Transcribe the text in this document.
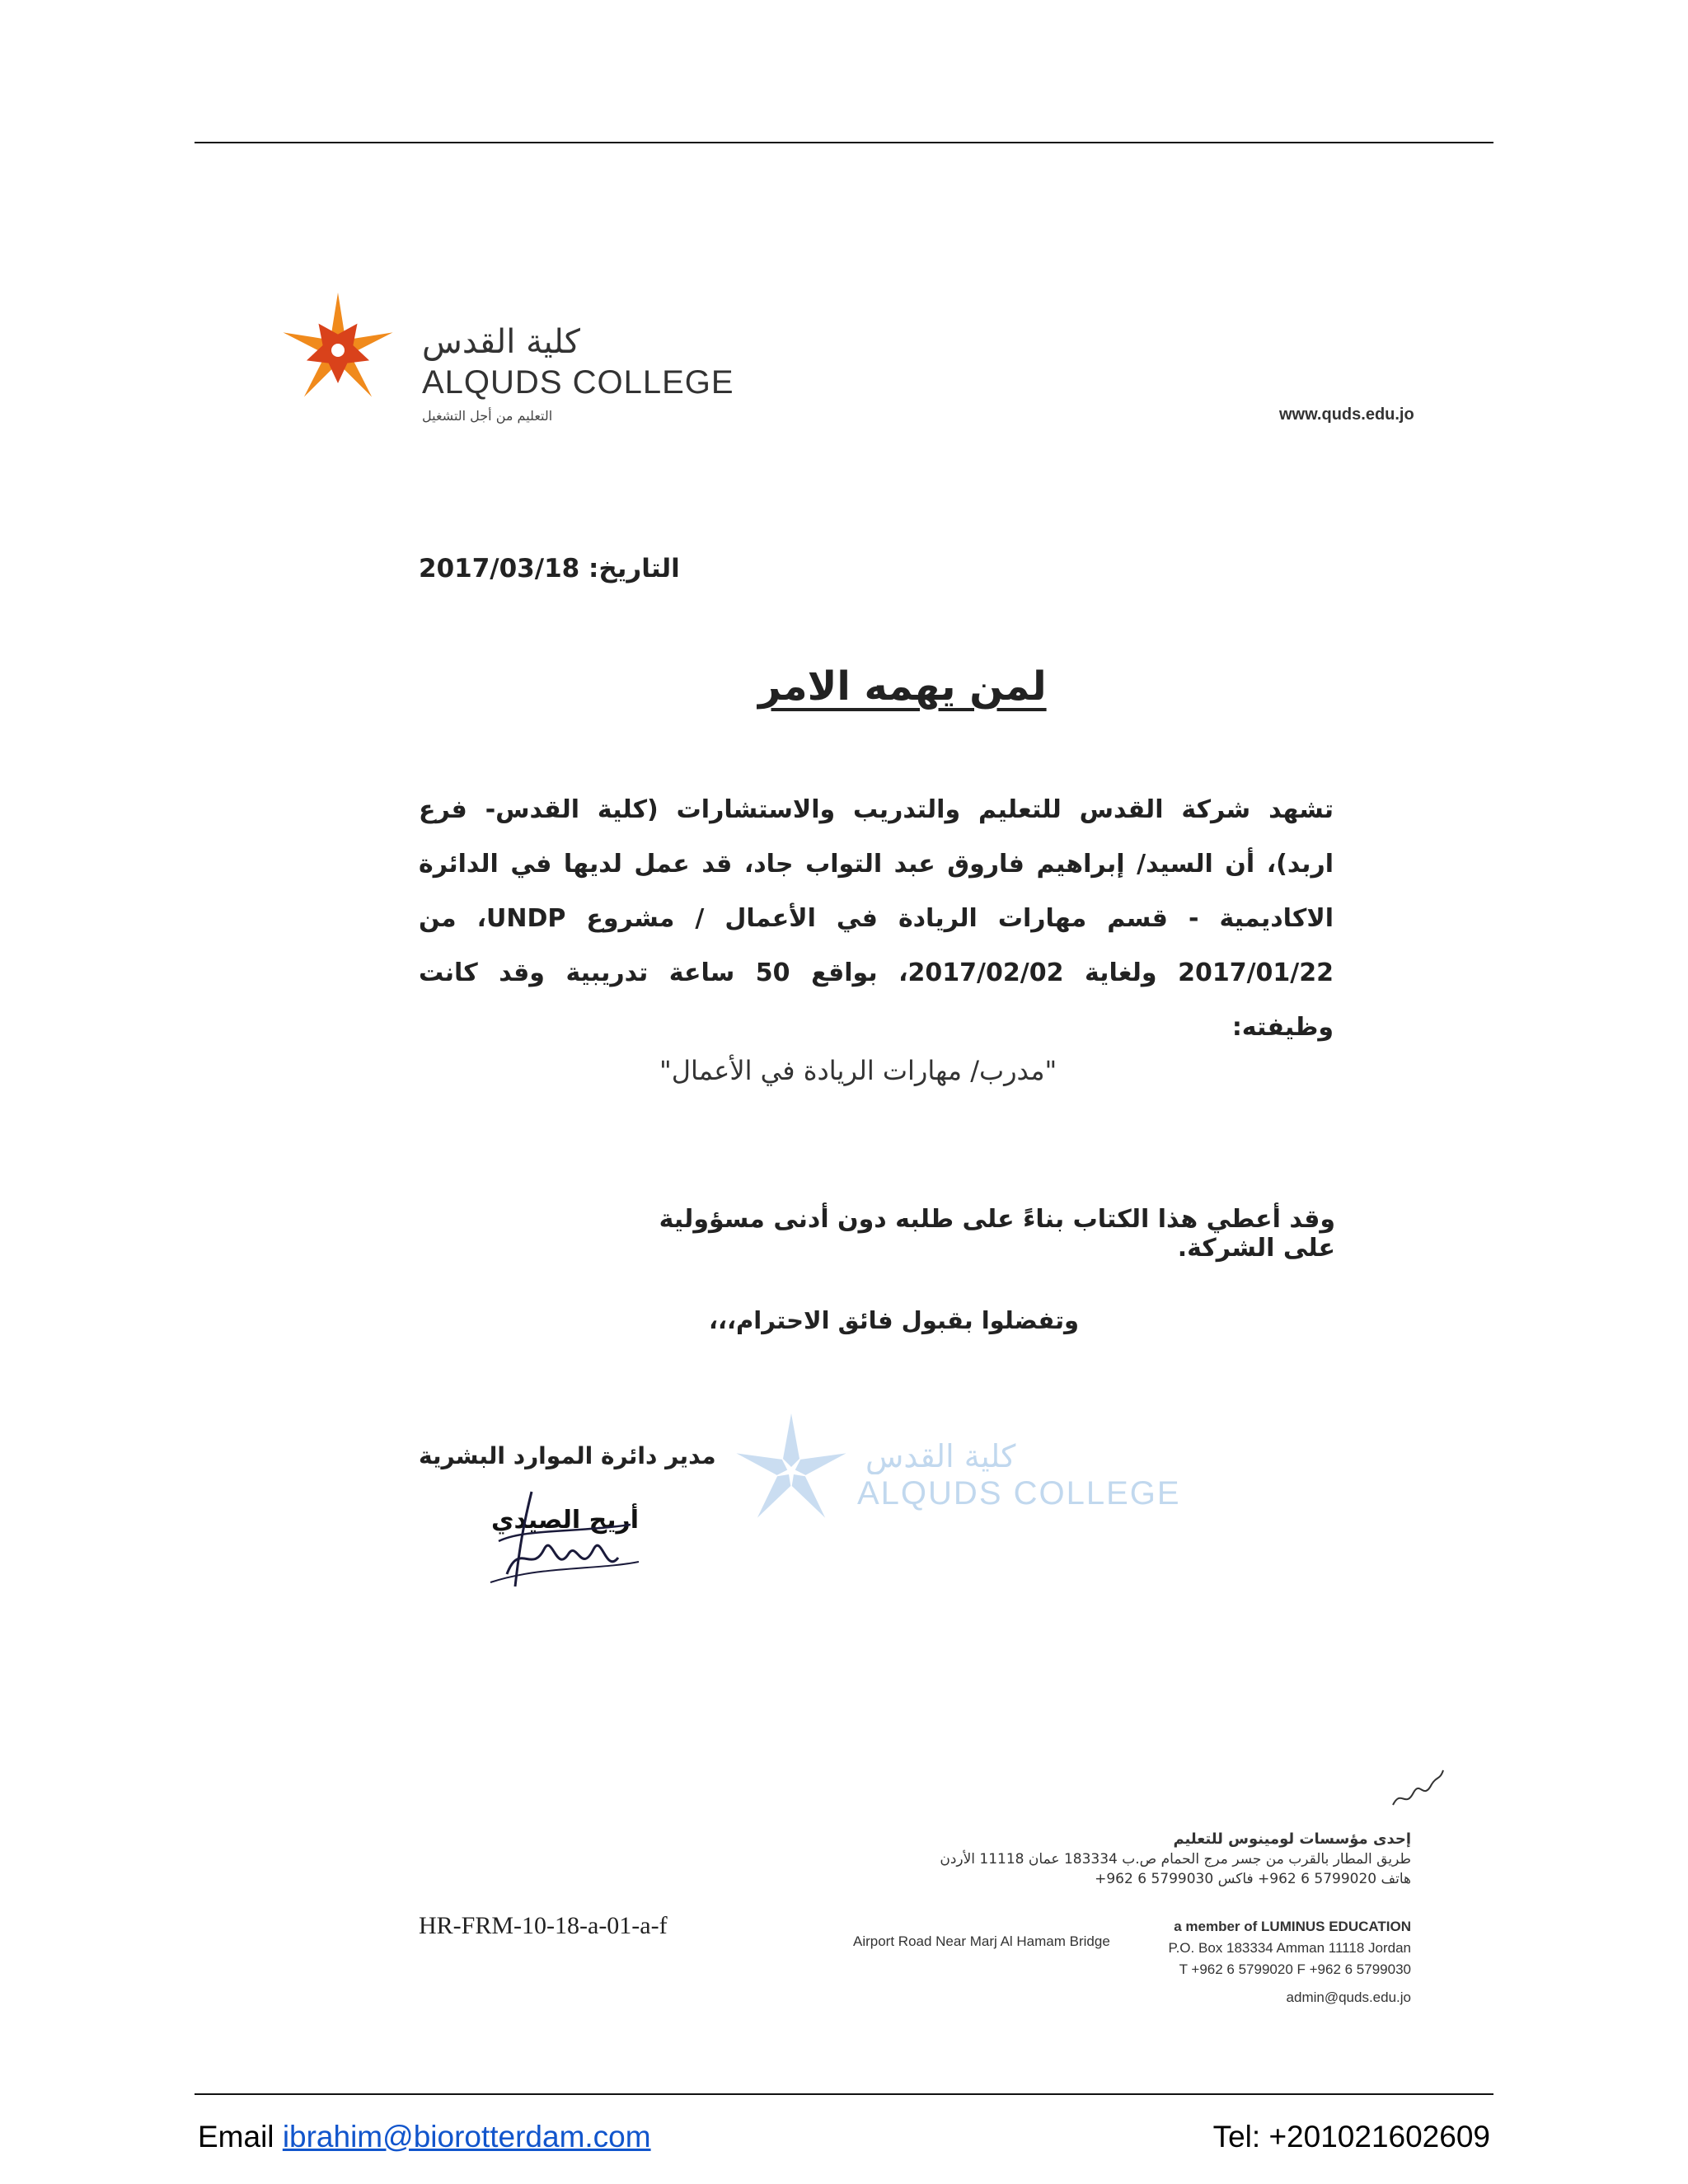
كلية القدس
ALQUDS COLLEGE
التعليم من أجل التشغيل	www.quds.edu.jo
التاريخ: 2017/03/18
لمن يهمه الامر
تشهد شركة القدس للتعليم والتدريب والاستشارات (كلية القدس- فرع اربد)، أن السيد/ إبراهيم فاروق عبد التواب جاد، قد عمل لديها في الدائرة الاكاديمية - قسم مهارات الريادة في الأعمال / مشروع UNDP، من 2017/01/22 ولغاية 2017/02/02، بواقع 50 ساعة تدريبية وقد كانت وظيفته:
"مدرب/ مهارات الريادة في الأعمال"
وقد أعطي هذا الكتاب بناءً على طلبه دون أدنى مسؤولية على الشركة.
وتفضلوا بقبول فائق الاحترام،،،
كلية القدس
ALQUDS COLLEGE
مدير دائرة الموارد البشرية
أريج الصيدي
HR-FRM-10-18-a-01-a-f
إحدى مؤسسات لومينوس للتعليم
طريق المطار بالقرب من جسر مرج الحمام ص.ب 183334 عمان 11118 الأردن
هاتف 5799020 6 962+ فاكس 5799030 6 962+
a member of LUMINUS EDUCATION
P.O. Box 183334 Amman 11118 Jordan
T +962 6 5799020 F +962 6 5799030
Airport Road Near Marj Al Hamam Bridge
admin@quds.edu.jo
Email ibrahim@biorotterdam.com	Tel: +201021602609
